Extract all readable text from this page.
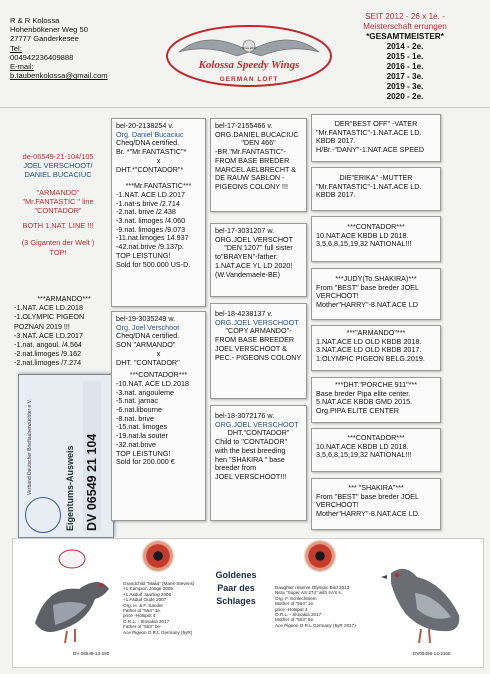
R & R Kolossa
Hohenbökener Weg 50
27777 Ganderkesee
Tel:
004942236409888
E-mail:
b.taubenkolossa@gmail.com
Kolossa Speedy Wings
GERMAN LOFT
Since 2012
SEIT 2012 - 26 x 1e. -
Meisterschaft errungen
*GESAMTMEISTER*
2014 - 2e.
2015 - 1e.
2016 - 1e.
2017 - 3e.
2019 - 3e.
2020 - 2e.
de-06549-21-104/105
JOEL VERSCHOOT/
DANIEL BUCACIUC
"ARMANDO"
"Mr.FANTASTIC " line
"CONTADOR"
BOTH 1.NAT. LINE !!!
(3 Giganten der Welt )
TOP!
***ARMANDO***
-1.NAT. ACE LD.2018
-1.OLYMPIC PIGEON
POZNAN 2019 !!!
-3.NAT. ACE LD.2017
-1.nat. angoul. /4.564
-2.nat.limoges /9.162
-2.nat.limoges /7.274
Verband Deutscher Brieftaubenzüchter e.V.	Eigentums-Ausweis DV 06549 21 104
bel-20-2138254 v.
Org. Daniel Bucaciuc
Cheq/DNA certified.
Br. *"Mr.FANTASTIC"*
x
DHT.*"CONTADOR"*
***Mr.FANTASTIC***
-1.NAT. ACE LD.2017
-1.nat-s brive /2.714
-2.nat. brive /2.438
-3.nat. limoges /4.060
-9.nat. limoges /9.073
-11.nat.limoges 14.937
-42.nat.brive /9.137p.
TOP LEISTUNG!
Sold for 500.000 US-D.
bel-19-3035249 w.
Org. Joel Verschoot
Cheq/DNA certified.
SON "ARMANDO"
x
DHT. "CONTADOR"
***CONTADOR***
-10.NAT. ACE LD.2018
-3.nat. angouleme
-5.nat. jarnac
-6.nat.libourne
-8.nat. brive
-15.nat. limoges
-19.nat.la souter
-32.nat.brive
TOP LEISTUNG!
Sold for 200.000 €
bel-17-2155466 v.
ORG.DANIEL BUCACIUC
"DEN 466"
-BR."Mr.FANTASTIC"-
FROM BASE BREDER
MARCEL AELBRECHT &
DE RAUW SABLON -
PIGEONS COLONY !!!
bel-17-3031207 w.
ORG.JOEL VERSCHOT
"DEN 1207" full sister
to"BRAYEN"-father:
1.NAT.ACE YL LD 2020!
(W.Vandemaele-BE)
bel-18-4238137 v.
ORG.JOEL VERSCHOOT
"COPY ARMANDO"-
FROM BASE BREEDER
JOEL VERSCHOOT &
PEC.- PIGEONS COLONY
bel-18-3072176 w.
ORG.JOEL VERSCHOOT
DHT."CONTADOR"
Child to "CONTADOR"
with the best breeding
hen "SHAKIRA " base
breeder from
JOEL VERSCHOOT!!!
DER"BEST OFF" -VATER
"Mr.FANTASTIC"-1.NAT.ACE LD.
KBDB 2017.
H/Br.-"DANY"-1.NAT.ACE SPEED
DIE"ERIKA" -MUTTER
"Mr.FANTASTIC"-1.NAT.ACE LD.
KBDB 2017.
***CONTADOR***
10.NAT.ACE KBDB LD 2018.
3,5,6,8,15,19,32 NATIONAL!!!
***JUDY(To.SHAKIRA)***
From "BEST" base breder JOEL
VERCHOOT!
Mother"HARRY"-8.NAT.ACE LD
***"ARMANDO"***
1.NAT.ACE LD OLD KBDB 2018.
3.NAT.ACE LD OLD KBDB 2017.
1.OLYMPIC PIGEON BELG.2019.
***DHT."PORCHE 911"***
Base breder Pipa elite center.
5.NAT.ACE KBDB GMD 2015.
Org.PIPA ELITE CENTER
***CONTADOR***
10.NAT.ACE KBDB LD 2018.
3,5,6,8,15,19,32 NATIONAL!!!
*** "SHAKIRA"***
From "BEST" base breder JOEL
VERCHOOT!
Mother"HARRY"-8.NAT.ACE LD.
DV 06549-13-290
Grandchild "Malia" (Mans-Stevens)
+1.Kampion Jonge 2005
+1.Asduif Jaarling 2006
+1.Asduif Oude 2007
Org. H. & F. Sander
Father of "554" 1e.
price -Hotspot 4
O.R.L. - Slovakia 2017
Father of "553" be-
Ace Pigeon O.R.L Germany (5yR)
Goldenes
Paar des
Schlages
Daughter reserve Olympic Bird 2013
Nitra "Super AS 274" with 4A's s.
Org. F. Schlechtriem
Mother of "554" 1e.
price -Hotspot 4
O.R.L. - Slovakia 2017
Mother of "553" 5e.
Ace Pigeon O.R.L Germany (5yR 2017)
DV05495-14-2166
